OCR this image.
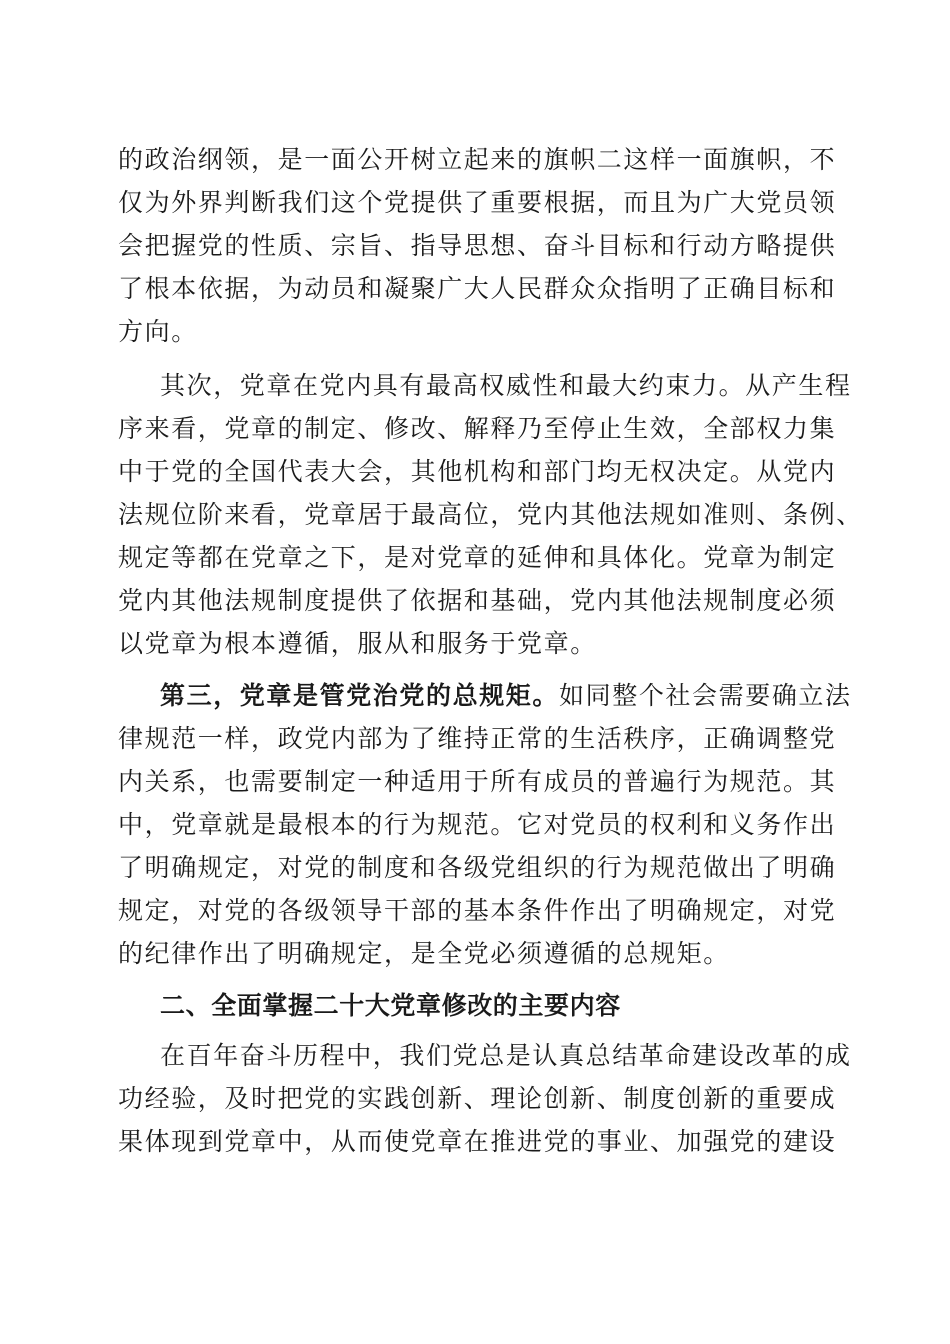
的政治纲领，是一面公开树立起来的旗帜二这样一面旗帜，不
仅为外界判断我们这个党提供了重要根据，而且为广大党员领
会把握党的性质、宗旨、指导思想、奋斗目标和行动方略提供
了根本依据，为动员和凝聚广大人民群众众指明了正确目标和
方向。
其次，党章在党内具有最高权威性和最大约束力。从产生程
序来看，党章的制定、修改、解释乃至停止生效，全部权力集
中于党的全国代表大会，其他机构和部门均无权决定。从党内
法规位阶来看，党章居于最高位，党内其他法规如准则、条例、
规定等都在党章之下，是对党章的延伸和具体化。党章为制定
党内其他法规制度提供了依据和基础，党内其他法规制度必须
以党章为根本遵循，服从和服务于党章。
第三，党章是管党治党的总规矩。如同整个社会需要确立法
律规范一样，政党内部为了维持正常的生活秩序，正确调整党
内关系，也需要制定一种适用于所有成员的普遍行为规范。其
中，党章就是最根本的行为规范。它对党员的权利和义务作出
了明确规定，对党的制度和各级党组织的行为规范做出了明确
规定，对党的各级领导干部的基本条件作出了明确规定，对党
的纪律作出了明确规定，是全党必须遵循的总规矩。
二、全面掌握二十大党章修改的主要内容
在百年奋斗历程中，我们党总是认真总结革命建设改革的成
功经验，及时把党的实践创新、理论创新、制度创新的重要成
果体现到党章中，从而使党章在推进党的事业、加强党的建设
